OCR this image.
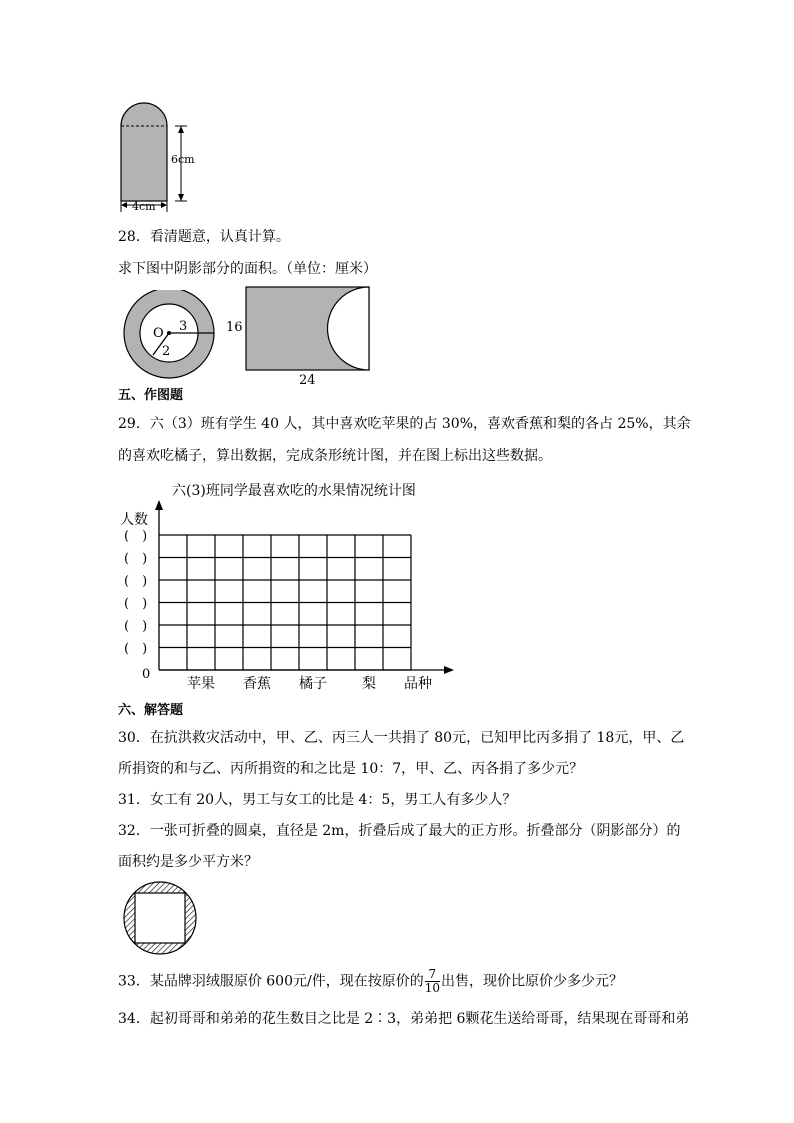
6cm
4cm
28．看清题意，认真计算。
求下图中阴影部分的面积。（单位：厘米）
O 3
2
16
24
五、作图题
29．六（3）班有学生 40 人，其中喜欢吃苹果的占 30%，喜欢香蕉和梨的各占 25%，其余
的喜欢吃橘子，算出数据，完成条形统计图，并在图上标出这些数据。
六(3)班同学最喜欢吃的水果情况统计图
人数
(　)
(　)
(　)
(　)
(　)
(　)
苹果 香蕉 橘子	梨
0
品种
六、解答题
30．在抗洪救灾活动中，甲、乙、丙三人一共捐了 80元，已知甲比丙多捐了 18元，甲、乙
所捐资的和与乙、丙所捐资的和之比是 10：7，甲、乙、丙各捐了多少元？
31．女工有 20人，男工与女工的比是 4：5，男工人有多少人？
32．一张可折叠的圆桌，直径是 2m，折叠后成了最大的正方形。折叠部分（阴影部分）的
面积约是多少平方米？
33．某品牌羽绒服原价 600元/件，现在按原价的 $\frac{7}{10}$ 出售，现价比原价少多少元？
34．起初哥哥和弟弟的花生数目之比是 2∶3，弟弟把 6颗花生送给哥哥，结果现在哥哥和弟
